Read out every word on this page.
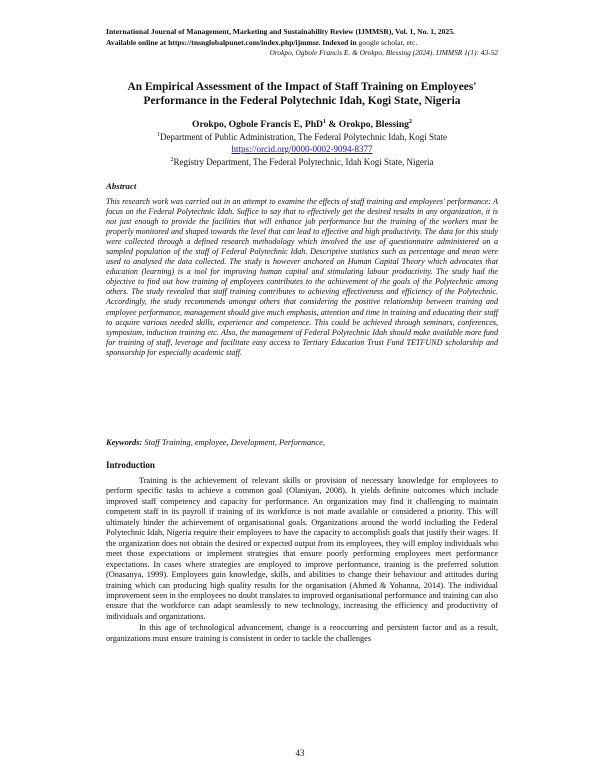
International Journal of Management, Marketing and Sustainability Review (IJMMSR), Vol. 1, No. 1, 2025.
Available online at https://tnsnglobalpunet.com/index.php/ijmmsr. Indexed in google scholar, etc.
Orokpo, Ogbole Francis E. & Orokpo, Blessing (2024). IJMMSR 1(1): 43-52
An Empirical Assessment of the Impact of Staff Training on Employees' Performance in the Federal Polytechnic Idah, Kogi State, Nigeria
Orokpo, Ogbole Francis E, PhD$^1$ & Orokpo, Blessing$^2$
$^1$Department of Public Administration, The Federal Polytechnic Idah, Kogi State
https://orcid.org/0000-0002-9094-8377
$^2$Registry Department, The Federal Polytechnic, Idah Kogi State, Nigeria
Abstract
This research work was carried out in an attempt to examine the effects of staff training and employees' performance: A focus on the Federal Polytechnic Idah. Suffice to say that to effectively get the desired results in any organization, it is not just enough to provide the facilities that will enhance job performance but the training of the workers must be properly monitored and shaped towards the level that can lead to effective and high productivity. The data for this study were collected through a defined research methodology which involved the use of questionnaire administered on a sampled population of the staff of Federal Polytechnic Idah. Descriptive statistics such as percentage and mean were used to analysed the data collected. The study is however anchored on Human Capital Theory which advocates that education (learning) is a tool for improving human capital and stimulating labour productivity. The study had the objective to find out how training of employees contributes to the achievement of the goals of the Polytechnic among others. The study revealed that staff training contributes to achieving effectiveness and efficiency of the Polytechnic. Accordingly, the study recommends amongst others that considering the positive relationship between training and employee performance, management should give much emphasis, attention and time in training and educating their staff to acquire various needed skills, experience and competence. This could be achieved through seminars, conferences, symposium, induction training etc. Also, the management of Federal Polytechnic Idah should make available more fund for training of staff, leverage and facilitate easy access to Tertiary Education Trust Fund TETFUND scholarship and sponsorship for especially academic staff.
Keywords: Staff Training, employee, Development, Performance,
Introduction

Training is the achievement of relevant skills or provision of necessary knowledge for employees to perform specific tasks to achieve a common goal (Olaniyan, 2008). It yields definite outcomes which include improved staff competency and capacity for performance. An organization may find it challenging to maintain competent staff in its payroll if training of its workforce is not made available or considered a priority. This will ultimately hinder the achievement of organisational goals. Organizations around the world including the Federal Polytechnic Idah, Nigeria require their employees to have the capacity to accomplish goals that justify their wages. If the organization does not obtain the desired or expected output from its employees, they will employ individuals who meet those expectations or implement strategies that ensure poorly performing employees meet performance expectations. In cases where strategies are employed to improve performance, training is the preferred solution (Onasanya, 1999). Employees gain knowledge, skills, and abilities to change their behaviour and attitudes during training which can producing high quality results for the organisation (Ahmed & Yohanna, 2014). The individual improvement seen in the employees no doubt translates to improved organisational performance and training can also ensure that the workforce can adapt seamlessly to new technology, increasing the efficiency and productivity of individuals and organizations.

In this age of technological advancement, change is a reoccurring and persistent factor and as a result, organizations must ensure training is consistent in order to tackle the challenges

43
